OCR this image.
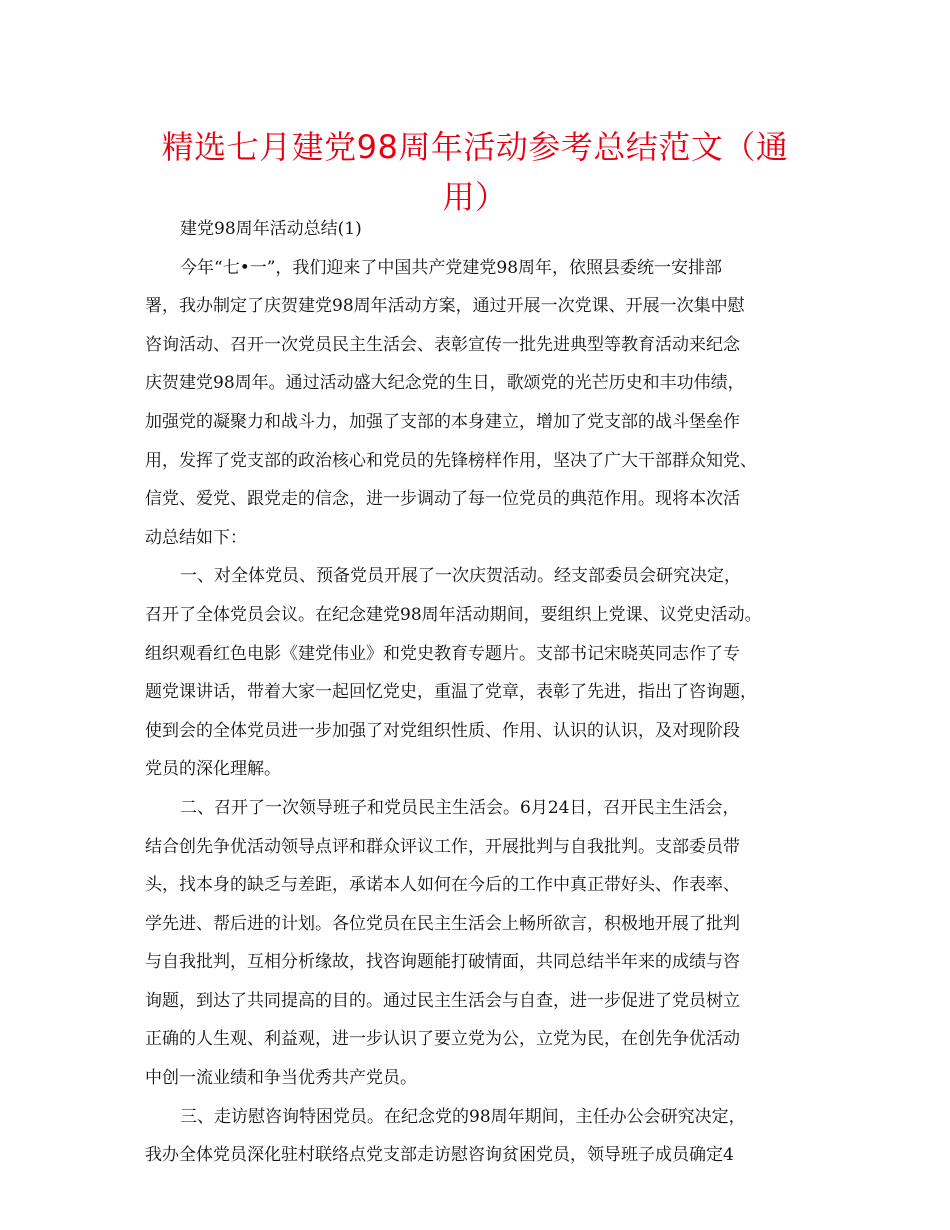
精选七月建党98周年活动参考总结范文（通
用）
建党98周年活动总结(1)
今年“七•一”，我们迎来了中国共产党建党98周年，依照县委统一安排部
署，我办制定了庆贺建党98周年活动方案，通过开展一次党课、开展一次集中慰
咨询活动、召开一次党员民主生活会、表彰宣传一批先进典型等教育活动来纪念
庆贺建党98周年。通过活动盛大纪念党的生日，歌颂党的光芒历史和丰功伟绩，
加强党的凝聚力和战斗力，加强了支部的本身建立，增加了党支部的战斗堡垒作
用，发挥了党支部的政治核心和党员的先锋榜样作用，坚决了广大干部群众知党、
信党、爱党、跟党走的信念，进一步调动了每一位党员的典范作用。现将本次活
动总结如下：
一、对全体党员、预备党员开展了一次庆贺活动。经支部委员会研究决定，
召开了全体党员会议。在纪念建党98周年活动期间，要组织上党课、议党史活动。
组织观看红色电影《建党伟业》和党史教育专题片。支部书记宋晓英同志作了专
题党课讲话，带着大家一起回忆党史，重温了党章，表彰了先进，指出了咨询题，
使到会的全体党员进一步加强了对党组织性质、作用、认识的认识，及对现阶段
党员的深化理解。
二、召开了一次领导班子和党员民主生活会。6月24日，召开民主生活会，
结合创先争优活动领导点评和群众评议工作，开展批判与自我批判。支部委员带
头，找本身的缺乏与差距，承诺本人如何在今后的工作中真正带好头、作表率、
学先进、帮后进的计划。各位党员在民主生活会上畅所欲言，积极地开展了批判
与自我批判，互相分析缘故，找咨询题能打破情面，共同总结半年来的成绩与咨
询题，到达了共同提高的目的。通过民主生活会与自查，进一步促进了党员树立
正确的人生观、利益观，进一步认识了要立党为公，立党为民，在创先争优活动
中创一流业绩和争当优秀共产党员。
三、走访慰咨询特困党员。在纪念党的98周年期间，主任办公会研究决定，
我办全体党员深化驻村联络点党支部走访慰咨询贫困党员，领导班子成员确定4
